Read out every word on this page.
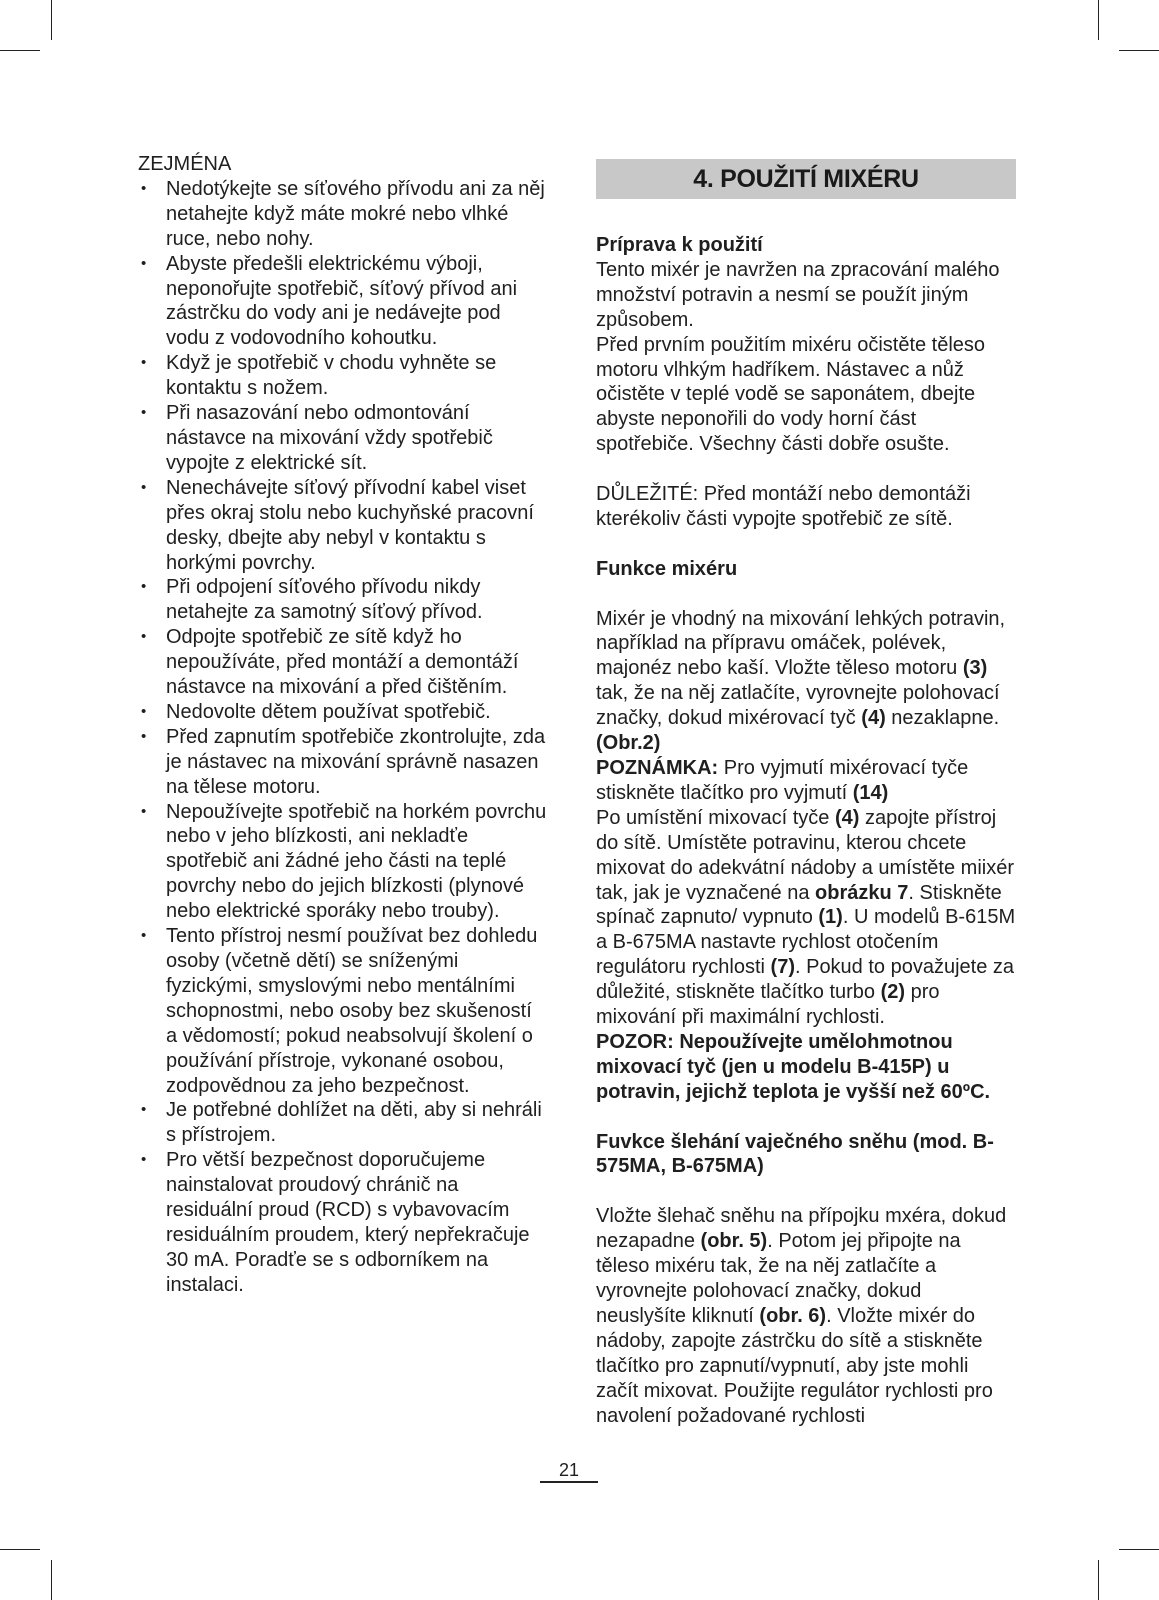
ZEJMÉNA
• Nedotýkejte se síťového přívodu ani za něj netahejte když máte mokré nebo vlhké ruce, nebo nohy.
• Abyste předešli elektrickému výboji, neponořujte spotřebič, síťový přívod ani zástrčku do vody ani je nedávejte pod vodu z vodovodního kohoutku.
• Když je spotřebič v chodu vyhněte se kontaktu s nožem.
• Při nasazování nebo odmontování nástavce na mixování vždy spotřebič vypojte z elektrické sít.
• Nenechávejte síťový přívodní kabel viset přes okraj stolu nebo kuchyňské pracovní desky, dbejte aby nebyl v kontaktu s horkými povrchy.
• Při odpojení síťového přívodu nikdy netahejte za samotný síťový přívod.
• Odpojte spotřebič ze sítě když ho nepoužíváte, před montáží a demontáží nástavce na mixování a před čištěním.
• Nedovolte dětem používat spotřebič.
• Před zapnutím spotřebiče zkontrolujte, zda je nástavec na mixování správně nasazen na tělese motoru.
• Nepoužívejte spotřebič na horkém povrchu nebo v jeho blízkosti, ani nekladťe spotřebič ani žádné jeho části na teplé povrchy nebo do jejich blízkosti (plynové nebo elektrické sporáky nebo trouby).
• Tento přístroj nesmí používat bez dohledu osoby (včetně dětí) se sníženými fyzickými, smyslovými nebo mentálními schopnostmi, nebo osoby bez skušeností a vědomostí; pokud neabsolvují školení o používání přístroje, vykonané osobou, zodpovědnou za jeho bezpečnost.
• Je potřebné dohlížet na děti, aby si nehráli s přístrojem.
• Pro větší bezpečnost doporučujeme nainstalovat proudový chránič na residuální proud (RCD) s vybavovacím residuálním proudem, který nepřekračuje 30 mA. Poradťe se s odborníkem na instalaci.
4. POUŽITÍ MIXÉRU

Príprava k použití

Tento mixér je navržen na zpracování malého množství potravin a nesmí se použít jiným způsobem.

Před prvním použitím mixéru očistěte těleso motoru vlhkým hadříkem. Nástavec a nůž očistěte v teplé vodě se saponátem, dbejte abyste neponořili do vody horní část spotřebiče. Všechny části dobře osušte.

DŮLEŽITÉ: Před montáží nebo demontáži kterékoliv části vypojte spotřebič ze sítě.

Funkce mixéru

Mixér je vhodný na mixování lehkých potravin, například na přípravu omáček, polévek, majonéz nebo kaší. Vložte těleso motoru (3) tak, že na něj zatlačíte, vyrovnejte polohovací značky, dokud mixérovací tyč (4) nezaklapne. (Obr.2)

POZNÁMKA: Pro vyjmutí mixérovací tyče stiskněte tlačítko pro vyjmutí (14)

Po umístění mixovací tyče (4) zapojte přístroj do sítě. Umístěte potravinu, kterou chcete mixovat do adekvátní nádoby a umístěte miixér tak, jak je vyznačené na obrázku 7. Stiskněte spínač zapnuto/ vypnuto (1). U modelů B-615M a B-675MA nastavte rychlost otočením regulátoru rychlosti (7). Pokud to považujete za důležité, stiskněte tlačítko turbo (2) pro mixování při maximální rychlosti.

POZOR: Nepoužívejte umělohmotnou mixovací tyč (jen u modelu B-415P) u potravin, jejichž teplota je vyšší než 60ºC.

Fuvkce šlehání vaječného sněhu (mod. B-575MA, B-675MA)

Vložte šlehač sněhu na přípojku mxéra, dokud nezapadne (obr. 5). Potom jej připojte na těleso mixéru tak, že na něj zatlačíte a vyrovnejte polohovací značky, dokud neuslyšíte kliknutí (obr. 6). Vložte mixér do nádoby, zapojte zástrčku do sítě a stiskněte tlačítko pro zapnutí/vypnutí, aby jste mohli začít mixovat. Použijte regulátor rychlosti pro navolení požadované rychlosti

21
